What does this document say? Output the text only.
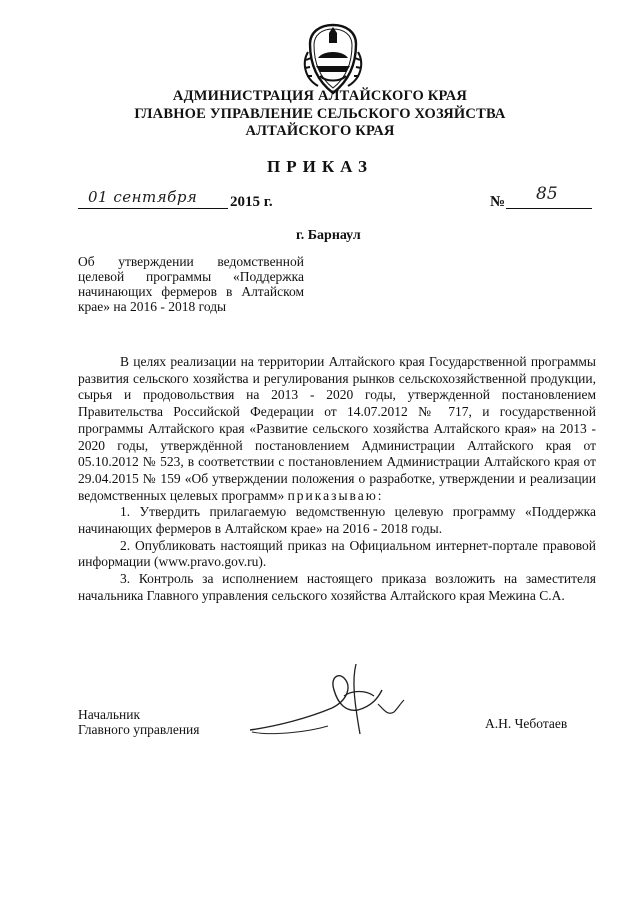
АДМИНИСТРАЦИЯ АЛТАЙСКОГО КРАЯ
ГЛАВНОЕ УПРАВЛЕНИЕ СЕЛЬСКОГО ХОЗЯЙСТВА
АЛТАЙСКОГО КРАЯ
ПРИКАЗ
01 сентября 2015 г.	№ 85
г. Барнаул
Об утверждении ведомственной целевой программы «Поддержка начинающих фермеров в Алтайском крае» на 2016 - 2018 годы

В целях реализации на территории Алтайского края Государственной программы развития сельского хозяйства и регулирования рынков сельскохозяйственной продукции, сырья и продовольствия на 2013 - 2020 годы, утвержденной постановлением Правительства Российской Федерации от 14.07.2012 № 717, и государственной программы Алтайского края «Развитие сельского хозяйства Алтайского края» на 2013 - 2020 годы, утверждённой постановлением Администрации Алтайского края от 05.10.2012 № 523, в соответствии с постановлением Администрации Алтайского края от 29.04.2015 № 159 «Об утверждении положения о разработке, утверждении и реализации ведомственных целевых программ» приказываю:

1. Утвердить прилагаемую ведомственную целевую программу «Поддержка начинающих фермеров в Алтайском крае» на 2016 - 2018 годы.

2. Опубликовать настоящий приказ на Официальном интернет-портале правовой информации (www.pravo.gov.ru).

3. Контроль за исполнением настоящего приказа возложить на заместителя начальника Главного управления сельского хозяйства Алтайского края Межина С.А.

Начальник
Главного управления	А.Н. Чеботаев
